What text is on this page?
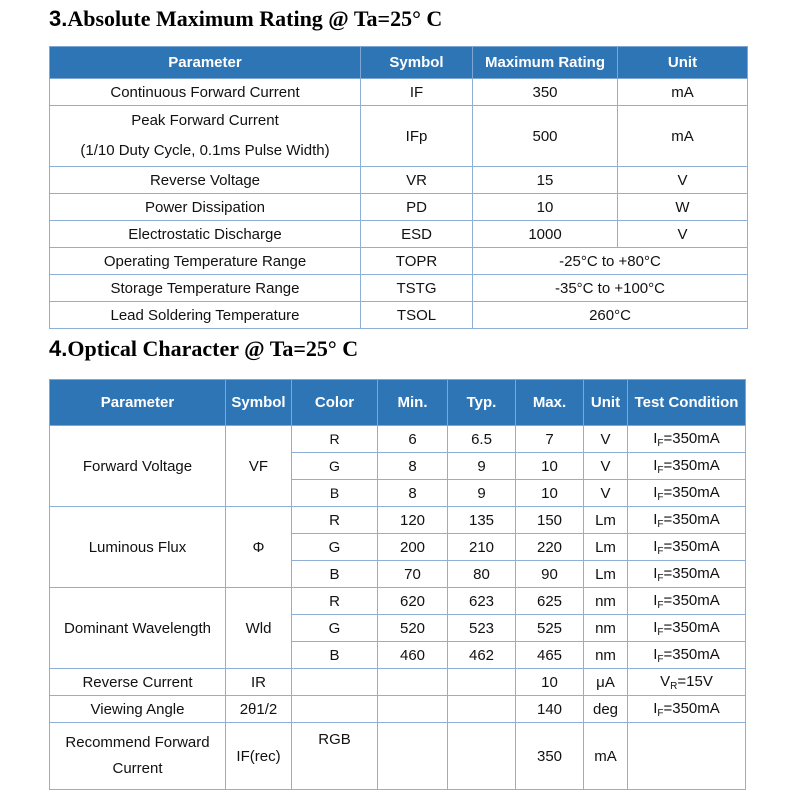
3.Absolute Maximum Rating @ Ta=25° C
Parameter	Symbol	Maximum Rating	Unit
Continuous Forward Current	IF	350	mA

Peak Forward Current
(1/10 Duty Cycle, 0.1ms Pulse Width)	IFp	500	mA
Reverse Voltage	VR	15	V
Power Dissipation	PD	10	W
Electrostatic Discharge	ESD	1000	V
Operating Temperature Range	TOPR	-25°C to +80°C	
Storage Temperature Range	TSTG	-35°C to +100°C	
Lead Soldering Temperature	TSOL	260°C	
4.Optical Character @ Ta=25° C
Parameter	Symbol	Color	Min.	Typ.	Max.	Unit	Test Condition
Forward Voltage	VF	R	6	6.5	7	V	$I_F=350mA$
		G	8	9	10	V	$I_F=350mA$
		B	8	9	10	V	$I_F=350mA$
Luminous Flux	Φ	R	120	135	150	Lm	$I_F=350mA$
		G	200	210	220	Lm	$I_F=350mA$
		B	70	80	90	Lm	$I_F=350mA$
Dominant Wavelength	Wld	R	620	623	625	nm	$I_F=350mA$
		G	520	523	525	nm	$I_F=350mA$
		B	460	462	465	nm	$I_F=350mA$
Reverse Current	IR				10	μA	$V_R=15V$
Viewing Angle	2θ1/2				140	deg	$I_F=350mA$

Recommend Forward
Current	IF(rec)	RGB			350	mA	
